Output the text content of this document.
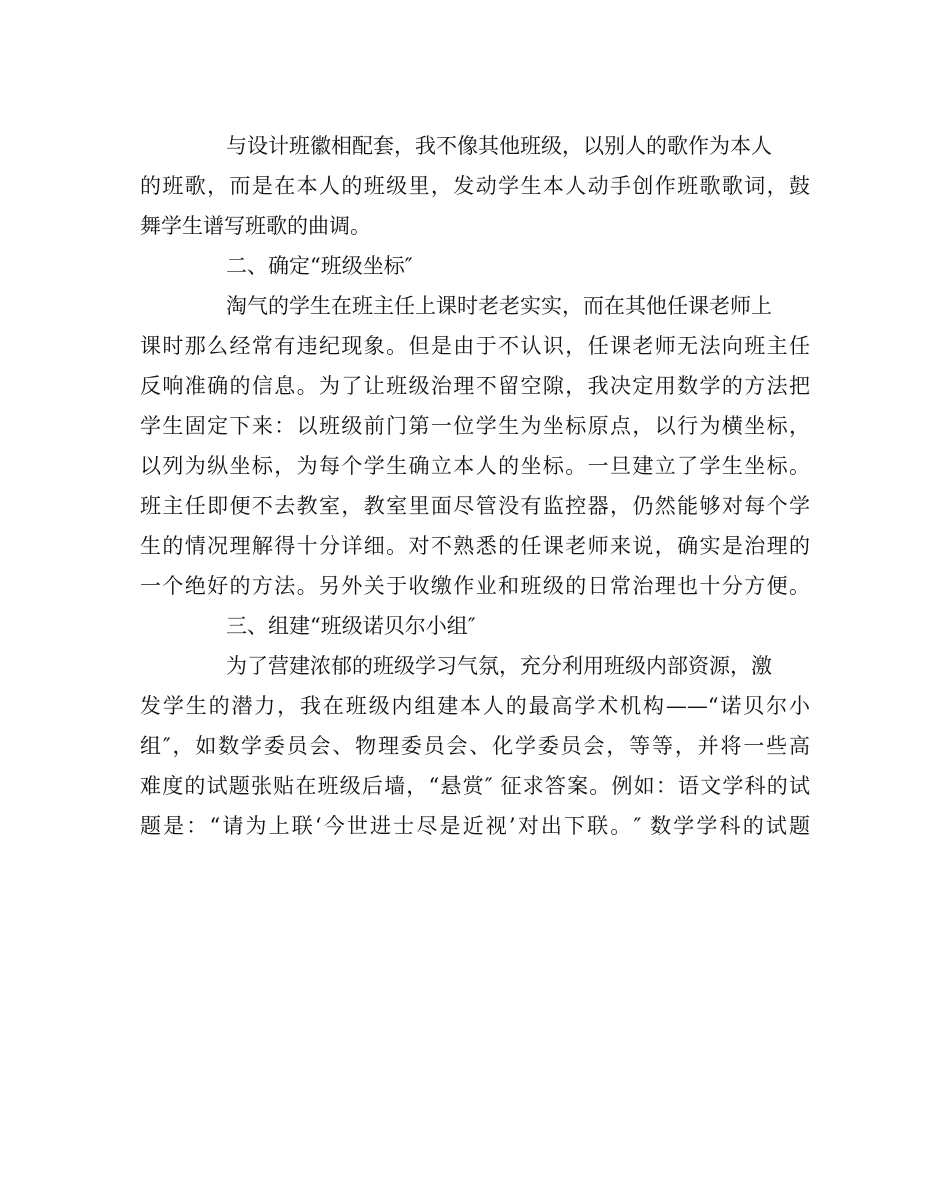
与设计班徽相配套，我不像其他班级，以别人的歌作为本人
的班歌，而是在本人的班级里，发动学生本人动手创作班歌歌词，鼓
舞学生谱写班歌的曲调。
二、确定“班级坐标″
淘气的学生在班主任上课时老老实实，而在其他任课老师上
课时那么经常有违纪现象。但是由于不认识，任课老师无法向班主任
反响准确的信息。为了让班级治理不留空隙，我决定用数学的方法把
学生固定下来：以班级前门第一位学生为坐标原点，以行为横坐标，
以列为纵坐标，为每个学生确立本人的坐标。一旦建立了学生坐标。
班主任即便不去教室，教室里面尽管没有监控器，仍然能够对每个学
生的情况理解得十分详细。对不熟悉的任课老师来说，确实是治理的
一个绝好的方法。另外关于收缴作业和班级的日常治理也十分方便。
三、组建“班级诺贝尔小组″
为了营建浓郁的班级学习气氛，充分利用班级内部资源，激
发学生的潜力，我在班级内组建本人的最高学术机构——“诺贝尔小
组″，如数学委员会、物理委员会、化学委员会，等等，并将一些高
难度的试题张贴在班级后墙，“悬赏″ 征求答案。例如：语文学科的试
题是：“请为上联‘今世进士尽是近视’对出下联。″ 数学学科的试题
